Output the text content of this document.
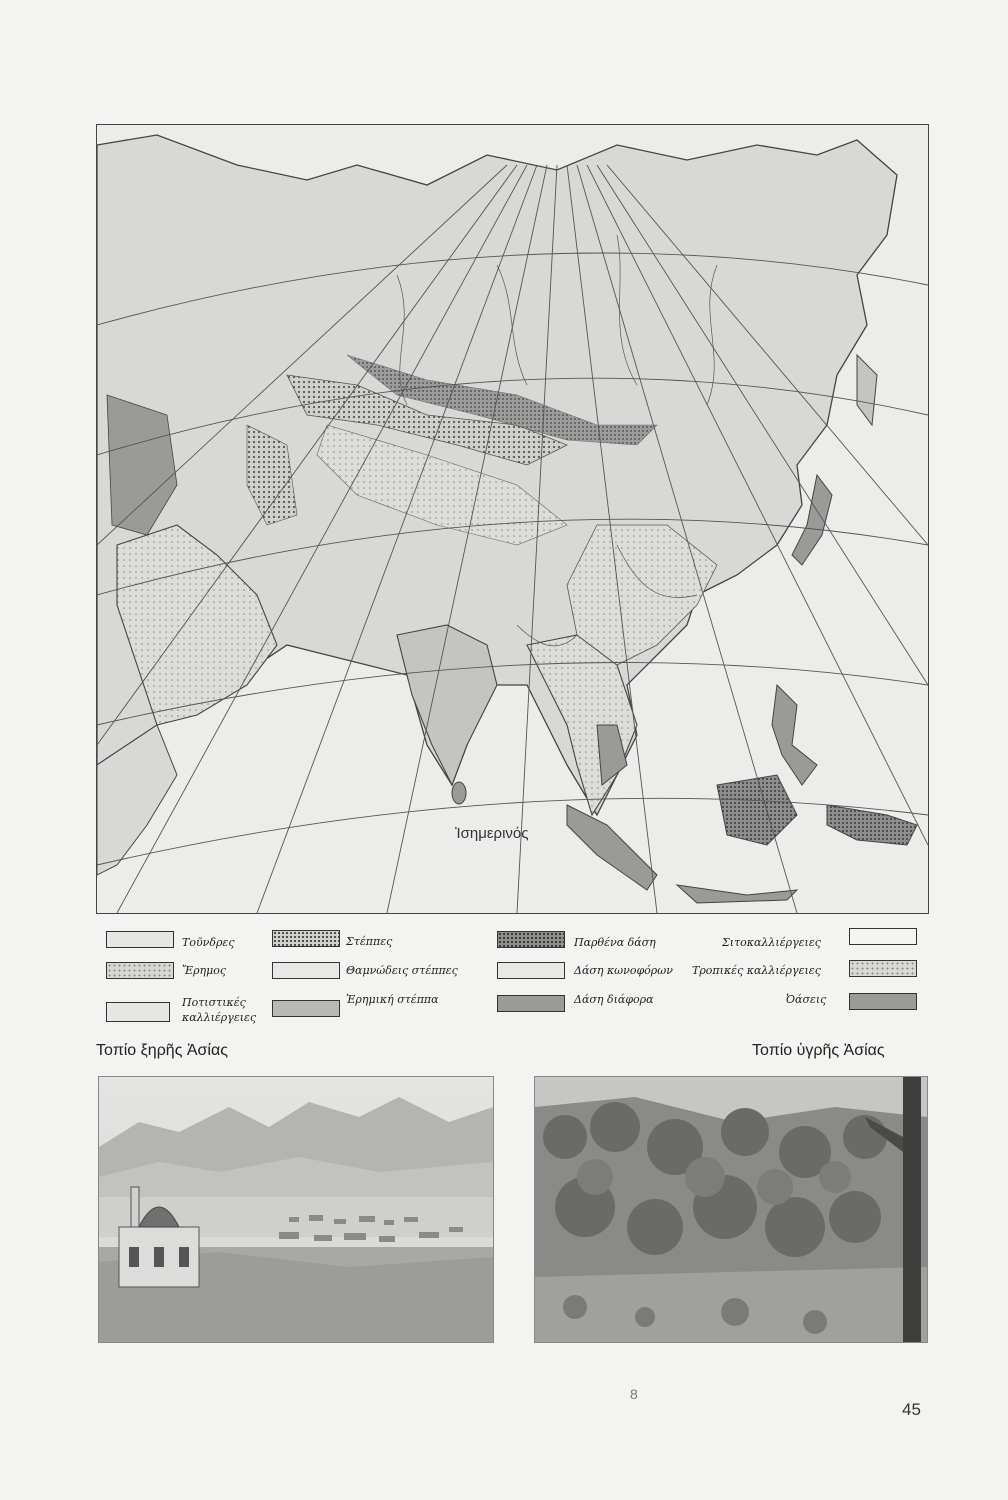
Ἰσημερινός
Τοῦνδρες
Ἔρημος
Ποτιστικές
καλλιέργειες
Στέππες
Θαμνώδεις στέππες
Ἐρημική στέππα
Παρθένα δάση
Δάση κωνοφόρων
Δάση διάφορα
Σιτοκαλλιέργειες
Τροπικές καλλιέργειες
Ὀάσεις
Τοπίο ξηρῆς Ἀσίας	Τοπίο ὑγρῆς Ἀσίας
8
45
